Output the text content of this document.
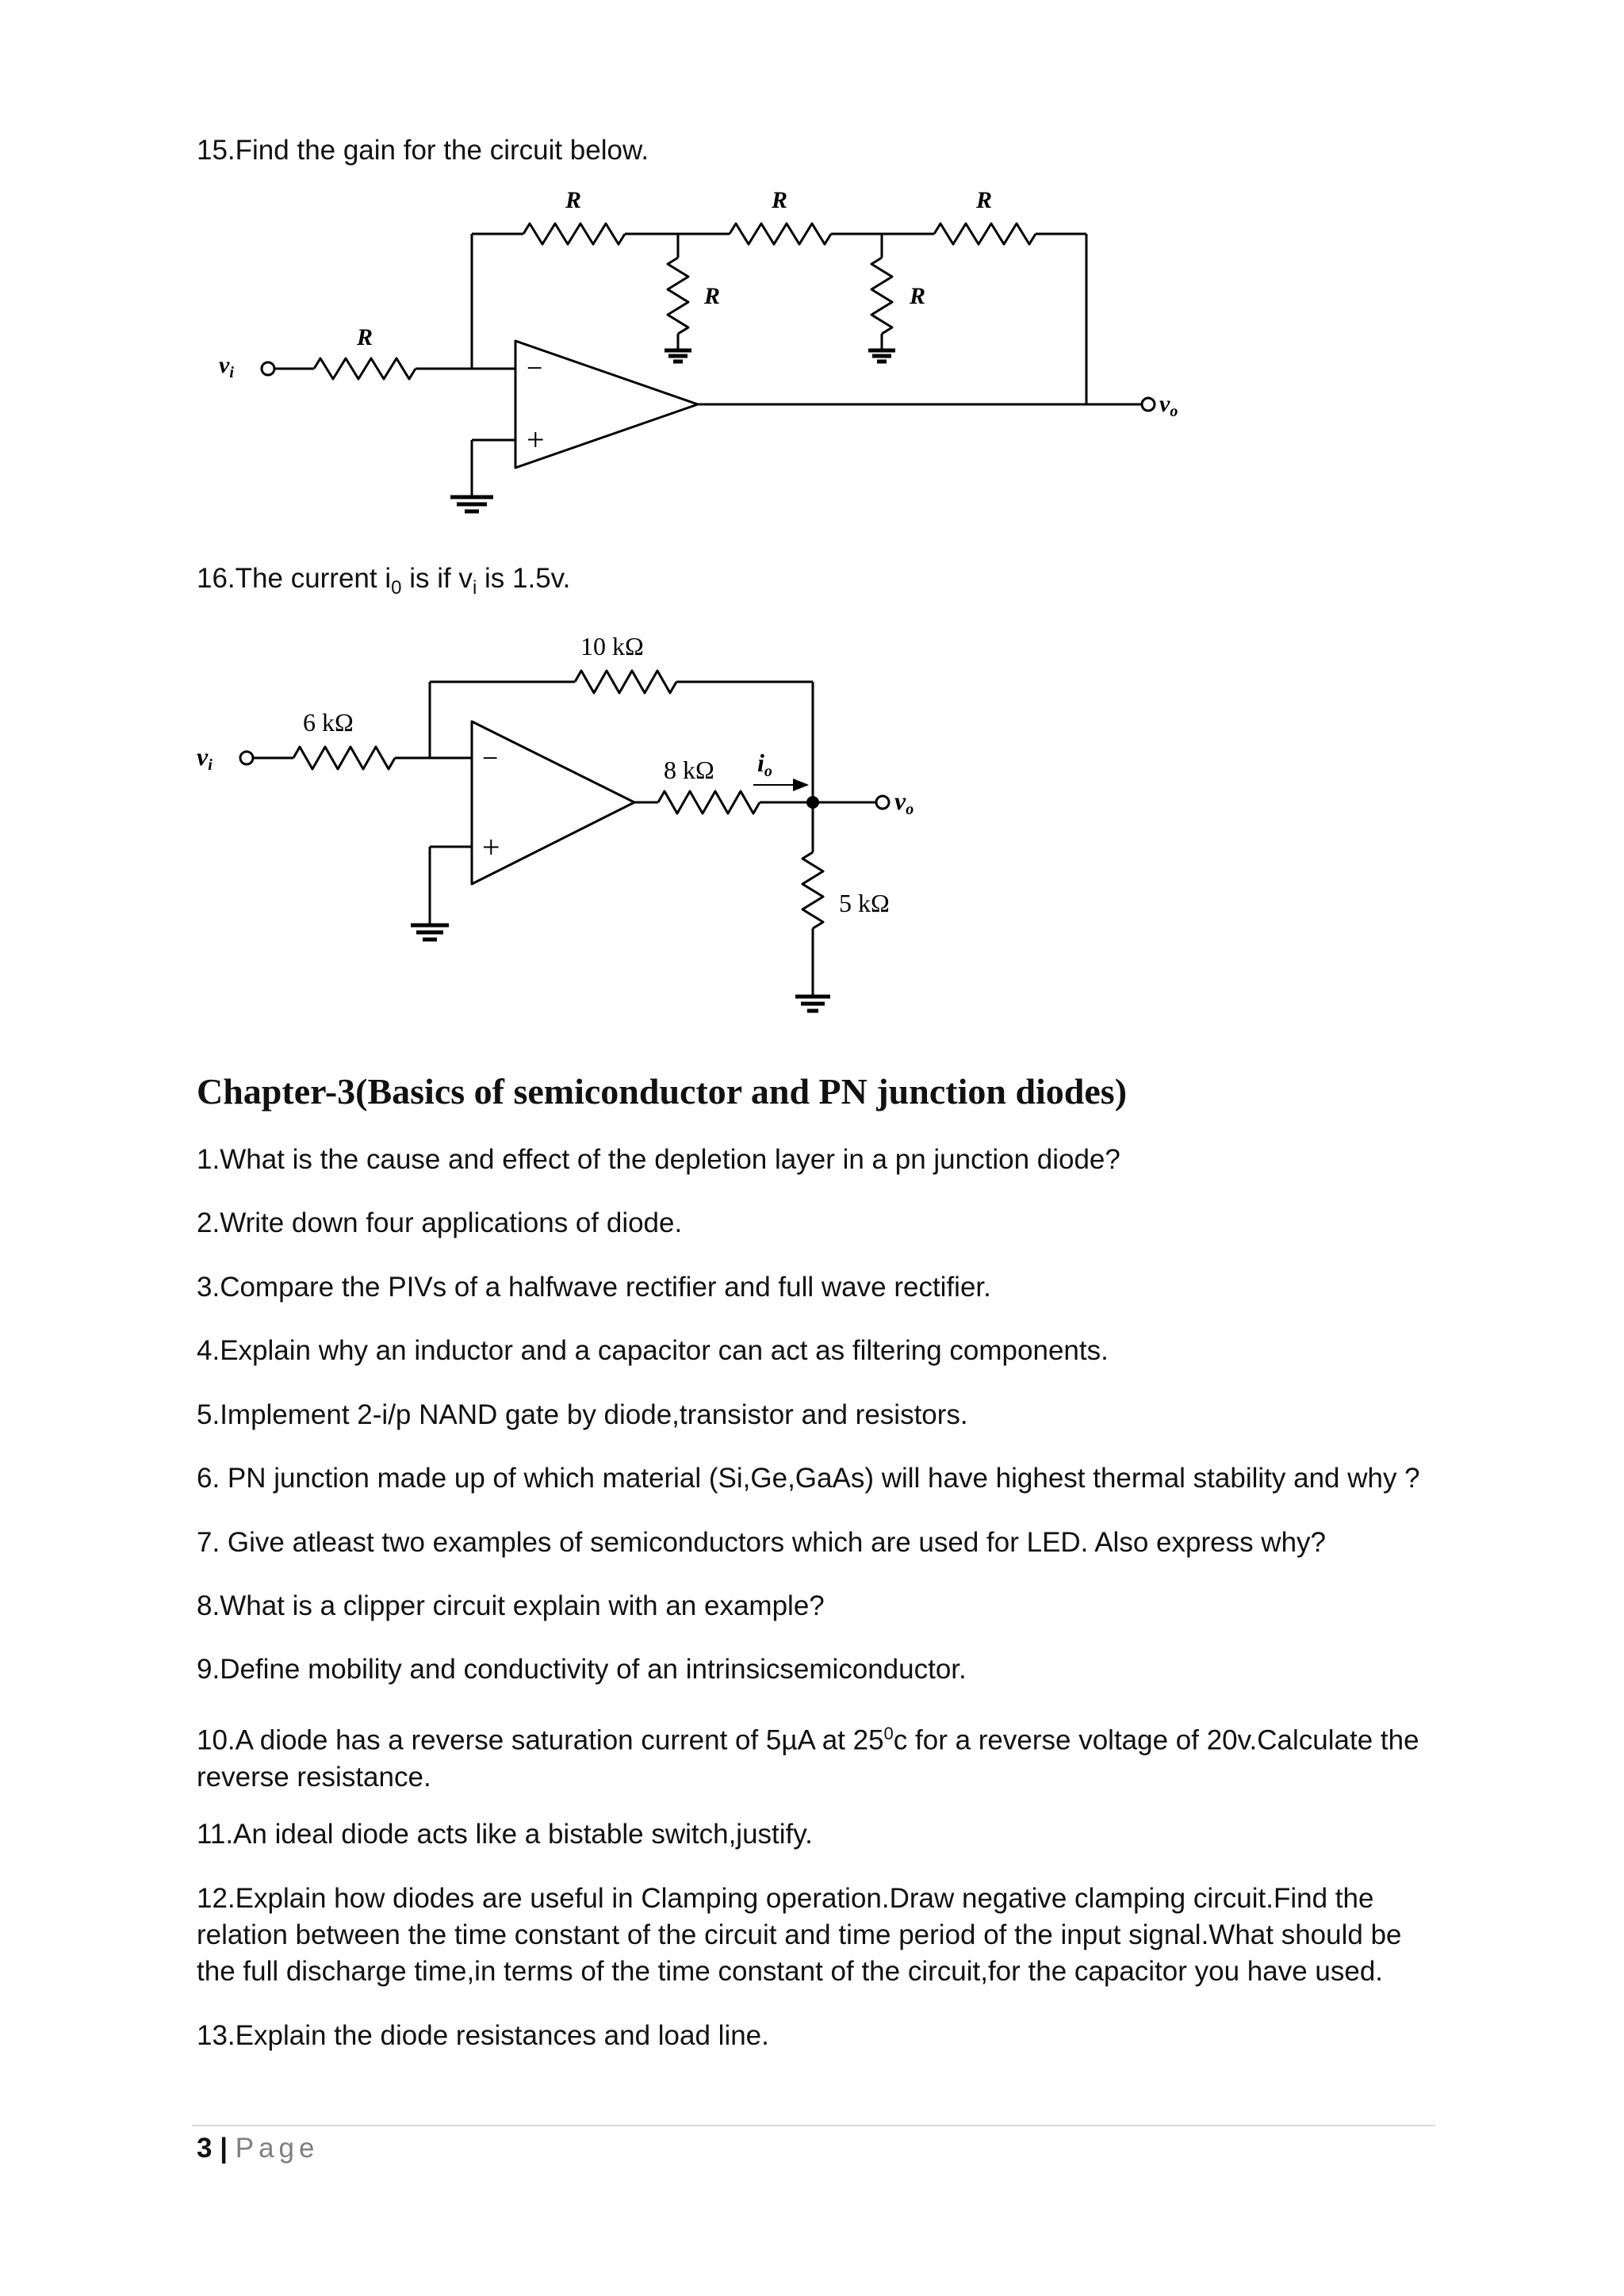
15.Find the gain for the circuit below.
R	R	R
R	R
R
$v_i$
$v_o$
−
+
16.The current $i_0$ is if $v_i$ is 1.5v.
10 kΩ
6 kΩ
8 kΩ
5 kΩ
io
vi
vo
−
+
Chapter-3(Basics of semiconductor and PN junction diodes)
1.What is the cause and effect of the depletion layer in a pn junction diode?
2.Write down four applications of diode.
3.Compare the PIVs of a halfwave rectifier and full wave rectifier.
4.Explain why an inductor and a capacitor can act as filtering components.
5.Implement 2-i/p NAND gate by diode,transistor and resistors.
6. PN junction made up of which material (Si,Ge,GaAs) will have highest thermal stability and why ?
7. Give atleast two examples of semiconductors which are used for LED. Also express why?
8.What is a clipper circuit explain with an example?
9.Define mobility and conductivity of an intrinsicsemiconductor.
10.A diode has a reverse saturation current of 5µA at $25^0c$ for a reverse voltage of 20v.Calculate the
reverse resistance.
11.An ideal diode acts like a bistable switch,justify.
12.Explain how diodes are useful in Clamping operation.Draw negative clamping circuit.Find the
relation between the time constant of the circuit and time period of the input signal.What should be
the full discharge time,in terms of the time constant of the circuit,for the capacitor you have used.
13.Explain the diode resistances and load line.
3 | Page
